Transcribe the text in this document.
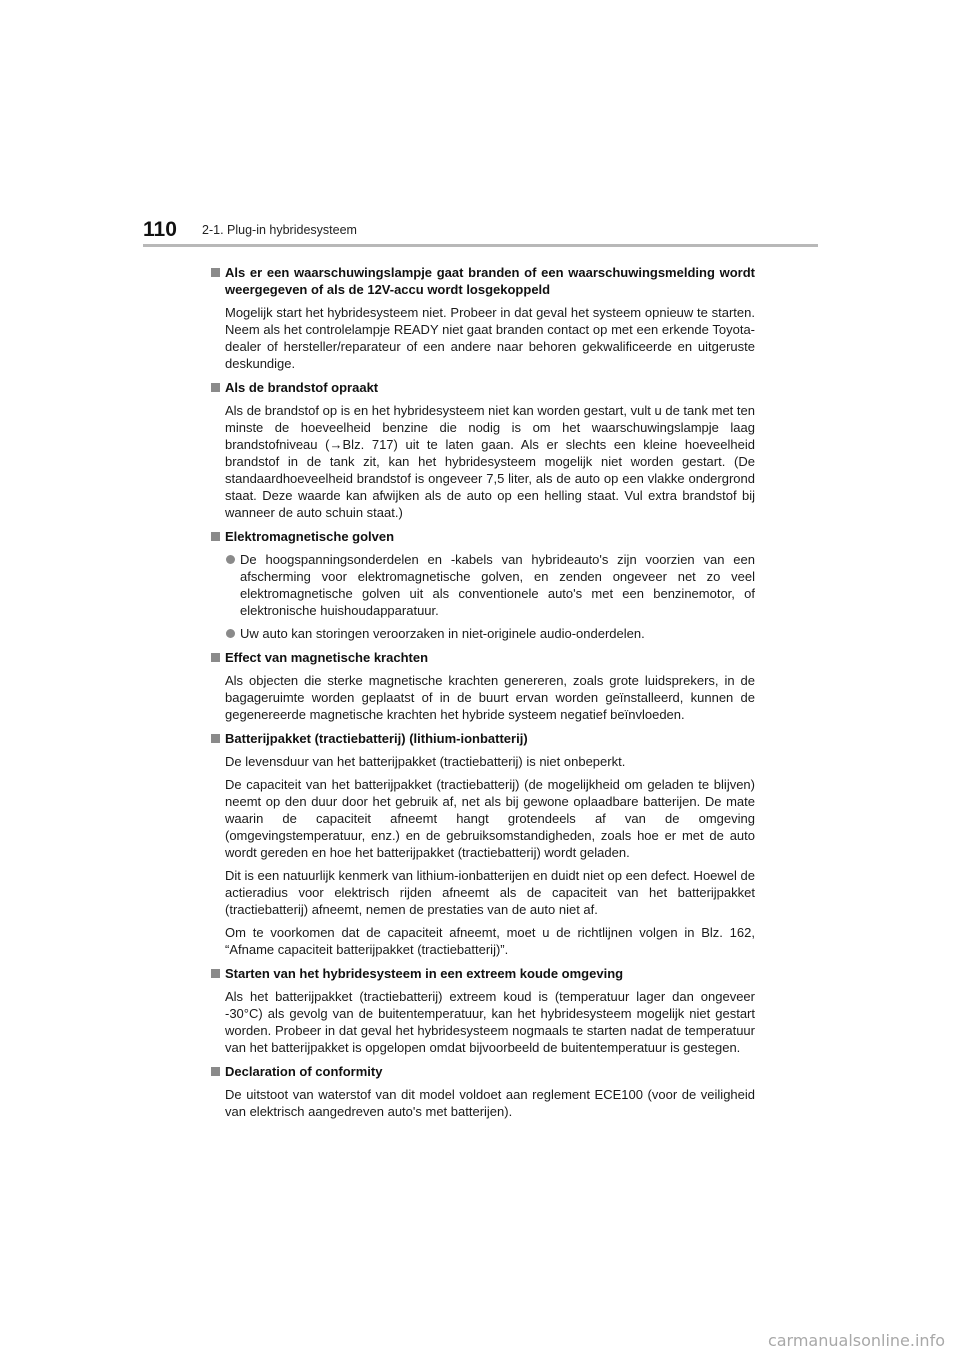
110 2-1. Plug-in hybridesysteem
Als er een waarschuwingslampje gaat branden of een waarschuwingsmelding wordt weergegeven of als de 12V-accu wordt losgekoppeld
Mogelijk start het hybridesysteem niet. Probeer in dat geval het systeem opnieuw te starten. Neem als het controlelampje READY niet gaat branden contact op met een erkende Toyota-dealer of hersteller/reparateur of een andere naar behoren gekwalificeerde en uitgeruste deskundige.
Als de brandstof opraakt
Als de brandstof op is en het hybridesysteem niet kan worden gestart, vult u de tank met ten minste de hoeveelheid benzine die nodig is om het waarschuwingslampje laag brandstofniveau (→Blz. 717) uit te laten gaan. Als er slechts een kleine hoeveelheid brandstof in de tank zit, kan het hybridesysteem mogelijk niet worden gestart. (De standaardhoeveelheid brandstof is ongeveer 7,5 liter, als de auto op een vlakke ondergrond staat. Deze waarde kan afwijken als de auto op een helling staat. Vul extra brandstof bij wanneer de auto schuin staat.)
Elektromagnetische golven
De hoogspanningsonderdelen en -kabels van hybrideauto's zijn voorzien van een afscherming voor elektromagnetische golven, en zenden ongeveer net zo veel elektromagnetische golven uit als conventionele auto's met een benzinemotor, of elektronische huishoudapparatuur.
Uw auto kan storingen veroorzaken in niet-originele audio-onderdelen.
Effect van magnetische krachten
Als objecten die sterke magnetische krachten genereren, zoals grote luidsprekers, in de bagageruimte worden geplaatst of in de buurt ervan worden geïnstalleerd, kunnen de gegenereerde magnetische krachten het hybride systeem negatief beïnvloeden.
Batterijpakket (tractiebatterij) (lithium-ionbatterij)
De levensduur van het batterijpakket (tractiebatterij) is niet onbeperkt.
De capaciteit van het batterijpakket (tractiebatterij) (de mogelijkheid om geladen te blijven) neemt op den duur door het gebruik af, net als bij gewone oplaadbare batterijen. De mate waarin de capaciteit afneemt hangt grotendeels af van de omgeving (omgevingstemperatuur, enz.) en de gebruiksomstandigheden, zoals hoe er met de auto wordt gereden en hoe het batterijpakket (tractiebatterij) wordt geladen.
Dit is een natuurlijk kenmerk van lithium-ionbatterijen en duidt niet op een defect. Hoewel de actieradius voor elektrisch rijden afneemt als de capaciteit van het batterijpakket (tractiebatterij) afneemt, nemen de prestaties van de auto niet af.
Om te voorkomen dat de capaciteit afneemt, moet u de richtlijnen volgen in Blz. 162, “Afname capaciteit batterijpakket (tractiebatterij)”.
Starten van het hybridesysteem in een extreem koude omgeving
Als het batterijpakket (tractiebatterij) extreem koud is (temperatuur lager dan ongeveer -30°C) als gevolg van de buitentemperatuur, kan het hybridesysteem mogelijk niet gestart worden. Probeer in dat geval het hybridesysteem nogmaals te starten nadat de temperatuur van het batterijpakket is opgelopen omdat bijvoorbeeld de buitentemperatuur is gestegen.
Declaration of conformity
De uitstoot van waterstof van dit model voldoet aan reglement ECE100 (voor de veiligheid van elektrisch aangedreven auto's met batterijen).
carmanualsonline.info
